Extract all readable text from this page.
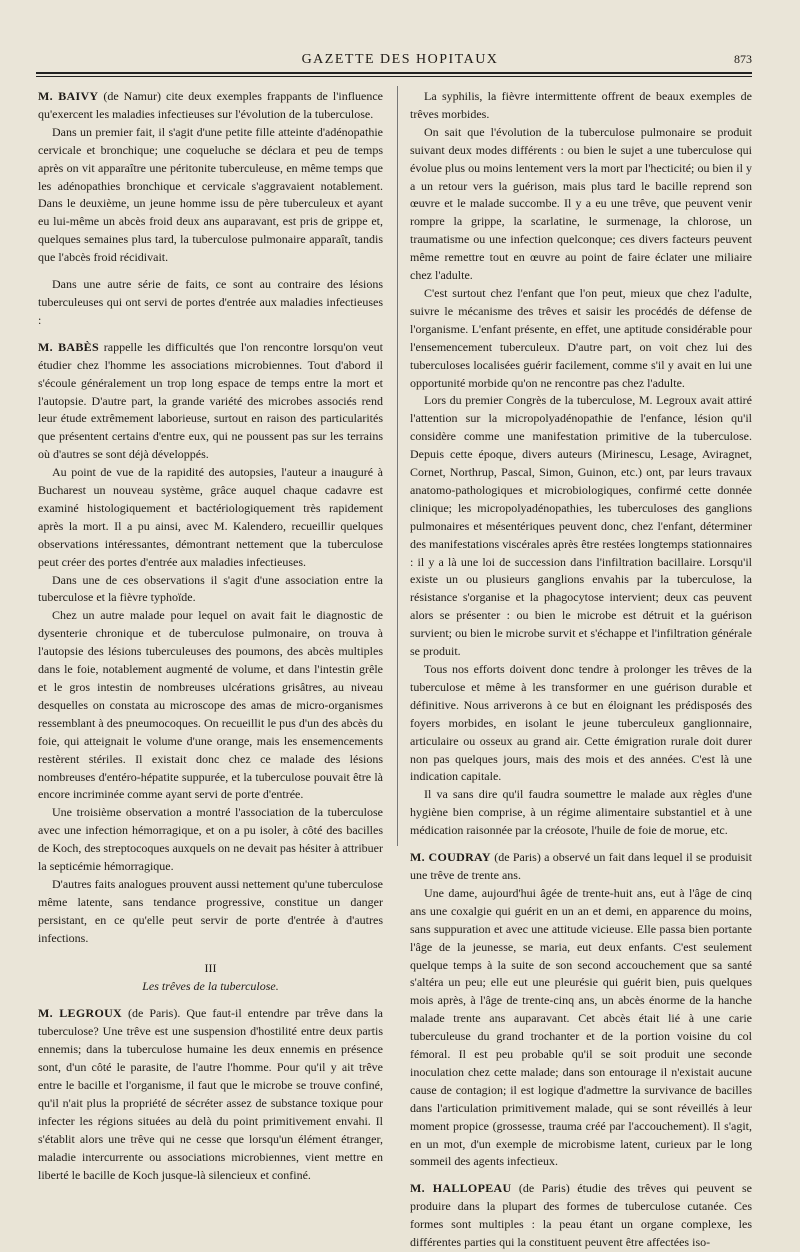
GAZETTE DES HOPITAUX	873

M. BAIVY (de Namur) cite deux exemples frappants de l'influence qu'exercent les maladies infectieuses sur l'évolution de la tuberculose.

Dans un premier fait, il s'agit d'une petite fille atteinte d'adénopathie cervicale et bronchique; une coqueluche se déclara et peu de temps après on vit apparaître une péritonite tuberculeuse, en même temps que les adénopathies bronchique et cervicale s'aggravaient notablement. Dans le deuxième, un jeune homme issu de père tuberculeux et ayant eu lui-même un abcès froid deux ans auparavant, est pris de grippe et, quelques semaines plus tard, la tuberculose pulmonaire apparaît, tandis que l'abcès froid récidivait.

Dans une autre série de faits, ce sont au contraire des lésions tuberculeuses qui ont servi de portes d'entrée aux maladies infectieuses :

M. BABÈS rappelle les difficultés que l'on rencontre lorsqu'on veut étudier chez l'homme les associations microbiennes. Tout d'abord il s'écoule généralement un trop long espace de temps entre la mort et l'autopsie. D'autre part, la grande variété des microbes associés rend leur étude extrêmement laborieuse, surtout en raison des particularités que présentent certains d'entre eux, qui ne poussent pas sur les terrains où d'autres se sont déjà développés.

Au point de vue de la rapidité des autopsies, l'auteur a inauguré à Bucharest un nouveau système, grâce auquel chaque cadavre est examiné histologiquement et bactériologiquement très rapidement après la mort. Il a pu ainsi, avec M. Kalendero, recueillir quelques observations intéressantes, démontrant nettement que la tuberculose peut créer des portes d'entrée aux maladies infectieuses.

Dans une de ces observations il s'agit d'une association entre la tuberculose et la fièvre typhoïde.

Chez un autre malade pour lequel on avait fait le diagnostic de dysenterie chronique et de tuberculose pulmonaire, on trouva à l'autopsie des lésions tuberculeuses des poumons, des abcès multiples dans le foie, notablement augmenté de volume, et dans l'intestin grêle et le gros intestin de nombreuses ulcérations grisâtres, au niveau desquelles on constata au microscope des amas de micro-organismes ressemblant à des pneumocoques. On recueillit le pus d'un des abcès du foie, qui atteignait le volume d'une orange, mais les ensemencements restèrent stériles. Il existait donc chez ce malade des lésions nombreuses d'entéro-hépatite suppurée, et la tuberculose pouvait être là encore incriminée comme ayant servi de porte d'entrée.

Une troisième observation a montré l'association de la tuberculose avec une infection hémorragique, et on a pu isoler, à côté des bacilles de Koch, des streptocoques auxquels on ne devait pas hésiter à attribuer la septicémie hémorragique.

D'autres faits analogues prouvent aussi nettement qu'une tuberculose même latente, sans tendance progressive, constitue un danger persistant, en ce qu'elle peut servir de porte d'entrée à d'autres infections.

III
Les trêves de la tuberculose.

M. LEGROUX (de Paris). Que faut-il entendre par trêve dans la tuberculose? Une trêve est une suspension d'hostilité entre deux partis ennemis; dans la tuberculose humaine les deux ennemis en présence sont, d'un côté le parasite, de l'autre l'homme. Pour qu'il y ait trêve entre le bacille et l'organisme, il faut que le microbe se trouve confiné, qu'il n'ait plus la propriété de sécréter assez de substance toxique pour infecter les régions situées au delà du point primitivement envahi. Il s'établit alors une trêve qui ne cesse que lorsqu'un élément étranger, maladie intercurrente ou associations microbiennes, vient mettre en liberté le bacille de Koch jusque-là silencieux et confiné.

La syphilis, la fièvre intermittente offrent de beaux exemples de trêves morbides.

On sait que l'évolution de la tuberculose pulmonaire se produit suivant deux modes différents : ou bien le sujet a une tuberculose qui évolue plus ou moins lentement vers la mort par l'hecticité; ou bien il y a un retour vers la guérison, mais plus tard le bacille reprend son œuvre et le malade succombe. Il y a eu une trêve, que peuvent venir rompre la grippe, la scarlatine, le surmenage, la chlorose, un traumatisme ou une infection quelconque; ces divers facteurs peuvent même remettre tout en œuvre au point de faire éclater une miliaire chez l'adulte.

C'est surtout chez l'enfant que l'on peut, mieux que chez l'adulte, suivre le mécanisme des trêves et saisir les procédés de défense de l'organisme. L'enfant présente, en effet, une aptitude considérable pour l'ensemencement tuberculeux. D'autre part, on voit chez lui des tuberculoses localisées guérir facilement, comme s'il y avait en lui une opportunité morbide qu'on ne rencontre pas chez l'adulte.

Lors du premier Congrès de la tuberculose, M. Legroux avait attiré l'attention sur la micropolyadénopathie de l'enfance, lésion qu'il considère comme une manifestation primitive de la tuberculose. Depuis cette époque, divers auteurs (Mirinescu, Lesage, Aviragnet, Cornet, Northrup, Pascal, Simon, Guinon, etc.) ont, par leurs travaux anatomo-pathologiques et microbiologiques, confirmé cette donnée clinique; les micropolyadénopathies, les tuberculoses des ganglions pulmonaires et mésentériques peuvent donc, chez l'enfant, déterminer des manifestations viscérales après être restées longtemps stationnaires : il y a là une loi de succession dans l'infiltration bacillaire. Lorsqu'il existe un ou plusieurs ganglions envahis par la tuberculose, la résistance s'organise et la phagocytose intervient; deux cas peuvent alors se présenter : ou bien le microbe est détruit et la guérison survient; ou bien le microbe survit et s'échappe et l'infiltration générale se produit.

Tous nos efforts doivent donc tendre à prolonger les trêves de la tuberculose et même à les transformer en une guérison durable et définitive. Nous arriverons à ce but en éloignant les prédisposés des foyers morbides, en isolant le jeune tuberculeux ganglionnaire, articulaire ou osseux au grand air. Cette émigration rurale doit durer non pas quelques jours, mais des mois et des années. C'est là une indication capitale.

Il va sans dire qu'il faudra soumettre le malade aux règles d'une hygiène bien comprise, à un régime alimentaire substantiel et à une médication raisonnée par la créosote, l'huile de foie de morue, etc.

M. COUDRAY (de Paris) a observé un fait dans lequel il se produisit une trêve de trente ans.

Une dame, aujourd'hui âgée de trente-huit ans, eut à l'âge de cinq ans une coxalgie qui guérit en un an et demi, en apparence du moins, sans suppuration et avec une attitude vicieuse. Elle passa bien portante l'âge de la jeunesse, se maria, eut deux enfants. C'est seulement quelque temps à la suite de son second accouchement que sa santé s'altéra un peu; elle eut une pleurésie qui guérit bien, puis quelques mois après, à l'âge de trente-cinq ans, un abcès énorme de la hanche malade trente ans auparavant. Cet abcès était lié à une carie tuberculeuse du grand trochanter et de la portion voisine du col fémoral. Il est peu probable qu'il se soit produit une seconde inoculation chez cette malade; dans son entourage il n'existait aucune cause de contagion; il est logique d'admettre la survivance de bacilles dans l'articulation primitivement malade, qui se sont réveillés à leur moment propice (grossesse, trauma créé par l'accouchement). Il s'agit, en un mot, d'un exemple de microbisme latent, curieux par le long sommeil des agents infectieux.

M. HALLOPEAU (de Paris) étudie des trêves qui peuvent se produire dans la plupart des formes de tuberculose cutanée. Ces formes sont multiples : la peau étant un organe complexe, les différentes parties qui la constituent peuvent être affectées iso-
